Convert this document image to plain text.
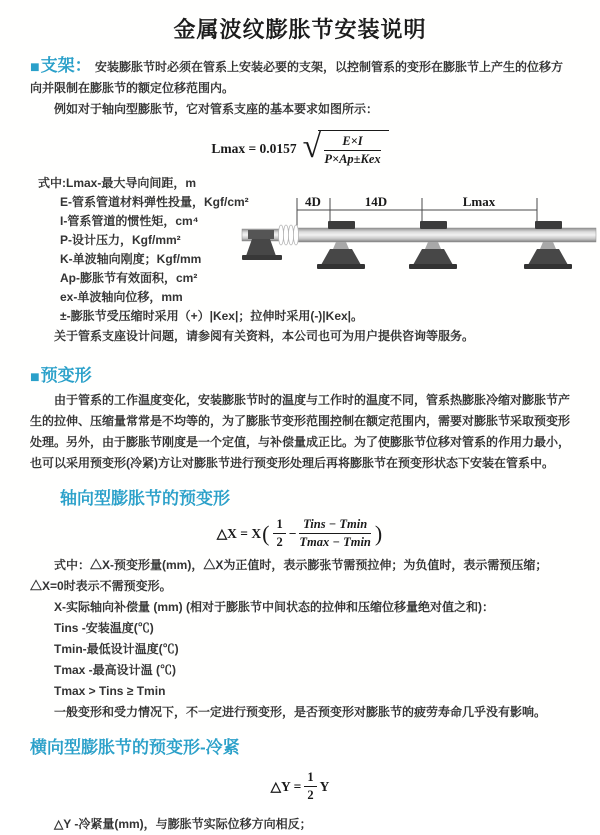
金属波纹膨胀节安装说明

■支架： 安装膨胀节时必须在管系上安装必要的支架，以控制管系的变形在膨胀节上产生的位移方向并限制在膨胀节的额定位移范围内。

例如对于轴向型膨胀节，它对管系支座的基本要求如图所示：

Lmax = 0.0157 √
$\frac{E\times I}{\text{P×Ap±Kex}}$
式中:Lmax-最大导向间距，m
E-管系管道材料弹性投量，Kgf/cm²
I-管系管道的惯性矩，cm⁴
P-设计压力，Kgf/mm²
K-单波轴向刚度；Kgf/mm
Ap-膨胀节有效面积，cm²
ex-单波轴向位移，mm
±-膨胀节受压缩时采用（+）|Kex|；拉伸时采用(-)|Kex|。

关于管系支座设计问题，请参阅有关资料，本公司也可为用户提供咨询等服务。

■预变形

由于管系的工作温度变化，安装膨胀节时的温度与工作时的温度不同，管系热膨胀冷缩对膨胀节产生的拉伸、压缩量常常是不均等的，为了膨胀节变形范围控制在额定范围内，需要对膨胀节采取预变形处理。另外，由于膨胀节刚度是一个定值，与补偿量成正比。为了使膨胀节位移对管系的作用力最小，也可以采用预变形(冷紧)方让对膨胀节进行预变形处理后再将膨胀节在预变形状态下安装在管系中。

轴向型膨胀节的预变形

△X = X ( $\frac{1}{2} - \frac{\text{Tins − Tmin}}{Tmax - Tmin}$ )

式中：△X-预变形量(mm)，△X为正值时，表示膨张节需预拉伸；为负值时，表示需预压缩；△X=0时表示不需预变形。

X-实际轴向补偿量 (mm) (相对于膨胀节中间状态的拉伸和压缩位移量绝对值之和)：

Tins -安装温度(℃)

Tmin-最低设计温度(℃)

Tmax -最高设计温 (℃)

Tmax > Tins ≥ Tmin

一般变形和受力情况下，不一定进行预变形，是否预变形对膨胀节的疲劳寿命几乎没有影响。

横向型膨胀节的预变形-冷紧

△Y = $\frac{1}{2}$ Y

△Y -冷紧量(mm)，与膨胀节实际位移方向相反；

4D	14D	Lmax
